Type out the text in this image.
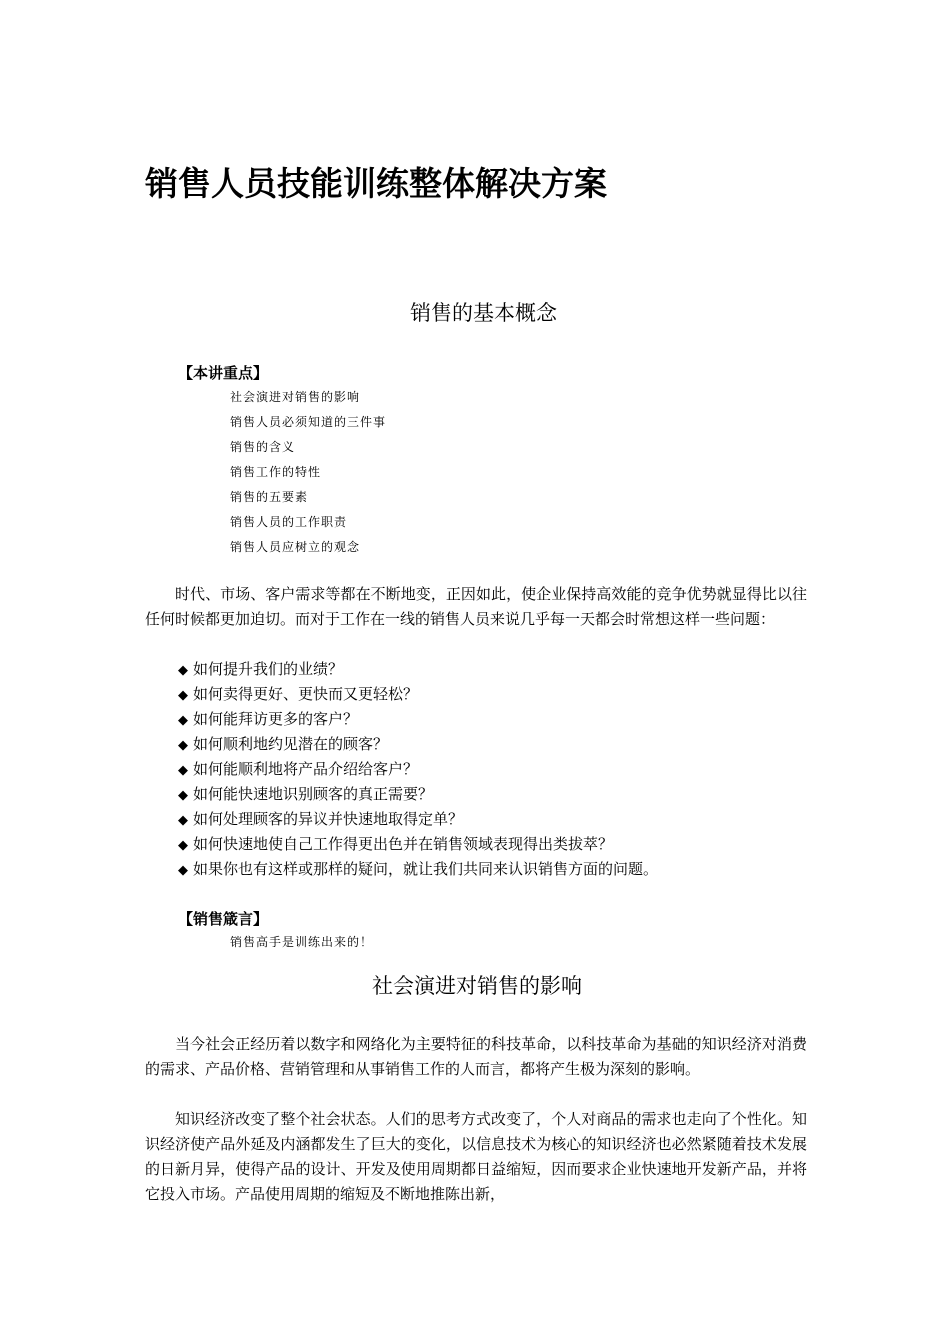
销售人员技能训练整体解决方案
销售的基本概念

【本讲重点】

社会演进对销售的影响
销售人员必须知道的三件事
销售的含义
销售工作的特性
销售的五要素
销售人员的工作职责
销售人员应树立的观念

时代、市场、客户需求等都在不断地变，正因如此，使企业保持高效能的竞争优势就显得比以往任何时候都更加迫切。而对于工作在一线的销售人员来说几乎每一天都会时常想这样一些问题：

◆ 如何提升我们的业绩？
◆ 如何卖得更好、更快而又更轻松？
◆ 如何能拜访更多的客户？
◆ 如何顺利地约见潜在的顾客？
◆ 如何能顺利地将产品介绍给客户？
◆ 如何能快速地识别顾客的真正需要？
◆ 如何处理顾客的异议并快速地取得定单？
◆ 如何快速地使自己工作得更出色并在销售领域表现得出类拔萃？
◆ 如果你也有这样或那样的疑问，就让我们共同来认识销售方面的问题。

【销售箴言】

销售高手是训练出来的！

社会演进对销售的影响

当今社会正经历着以数字和网络化为主要特征的科技革命，以科技革命为基础的知识经济对消费的需求、产品价格、营销管理和从事销售工作的人而言，都将产生极为深刻的影响。

知识经济改变了整个社会状态。人们的思考方式改变了，个人对商品的需求也走向了个性化。知识经济使产品外延及内涵都发生了巨大的变化，以信息技术为核心的知识经济也必然紧随着技术发展的日新月异，使得产品的设计、开发及使用周期都日益缩短，因而要求企业快速地开发新产品，并将它投入市场。产品使用周期的缩短及不断地推陈出新，
